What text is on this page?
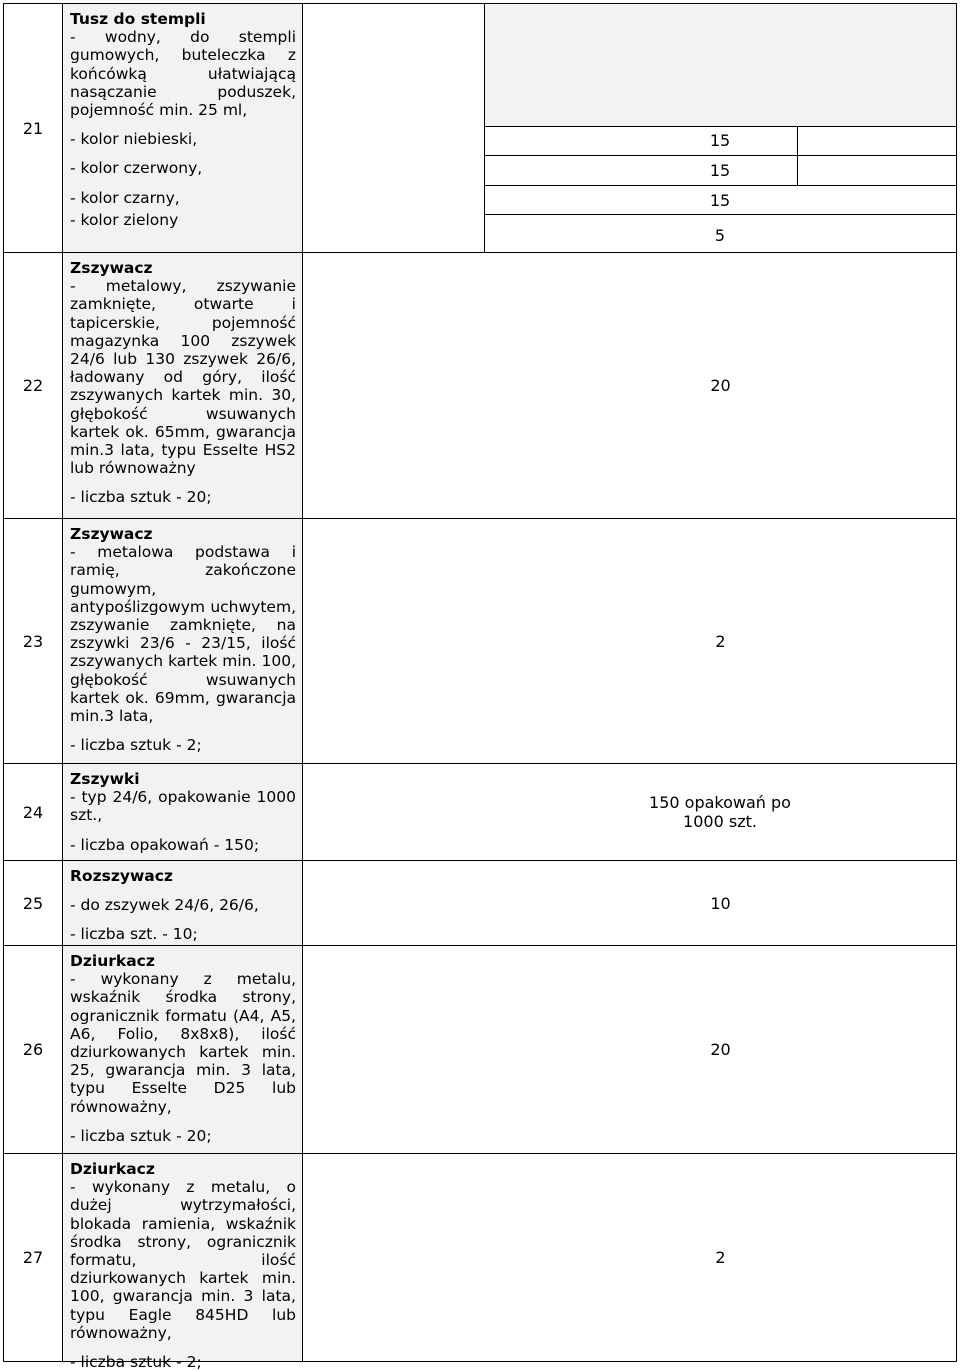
21
Tusz do stempli
- wodny, do stempli gumowych, buteleczka z końcówką ułatwiającą nasączanie poduszek, pojemność min. 25 ml,
- kolor niebieski,
- kolor czerwony,
- kolor czarny,
- kolor zielony
15
15
15
5
22
Zszywacz
- metalowy, zszywanie zamknięte, otwarte i tapicerskie, pojemność magazynka 100 zszywek 24/6 lub 130 zszywek 26/6, ładowany od góry, ilość zszywanych kartek min. 30, głębokość wsuwanych kartek ok. 65mm, gwarancja min.3 lata, typu Esselte HS2 lub równoważny
- liczba sztuk - 20;
20
23
Zszywacz
- metalowa podstawa i ramię, zakończone gumowym, antypoślizgowym uchwytem, zszywanie zamknięte, na zszywki 23/6 - 23/15, ilość zszywanych kartek min. 100, głębokość wsuwanych kartek ok. 69mm, gwarancja min.3 lata,
- liczba sztuk - 2;
2
24
Zszywki
- typ 24/6, opakowanie 1000 szt.,
- liczba opakowań - 150;
150 opakowań po 1000 szt.
25
Rozszywacz
- do zszywek 24/6, 26/6,
- liczba szt. - 10;
10
26
Dziurkacz
- wykonany z metalu, wskaźnik środka strony, ogranicznik formatu (A4, A5, A6, Folio, 8x8x8), ilość dziurkowanych kartek min. 25, gwarancja min. 3 lata, typu Esselte D25 lub równoważny,
- liczba sztuk - 20;
20
27
Dziurkacz
- wykonany z metalu, o dużej wytrzymałości, blokada ramienia, wskaźnik środka strony, ogranicznik formatu, ilość dziurkowanych kartek min. 100, gwarancja min. 3 lata, typu Eagle 845HD lub równoważny,
- liczba sztuk - 2;
2
